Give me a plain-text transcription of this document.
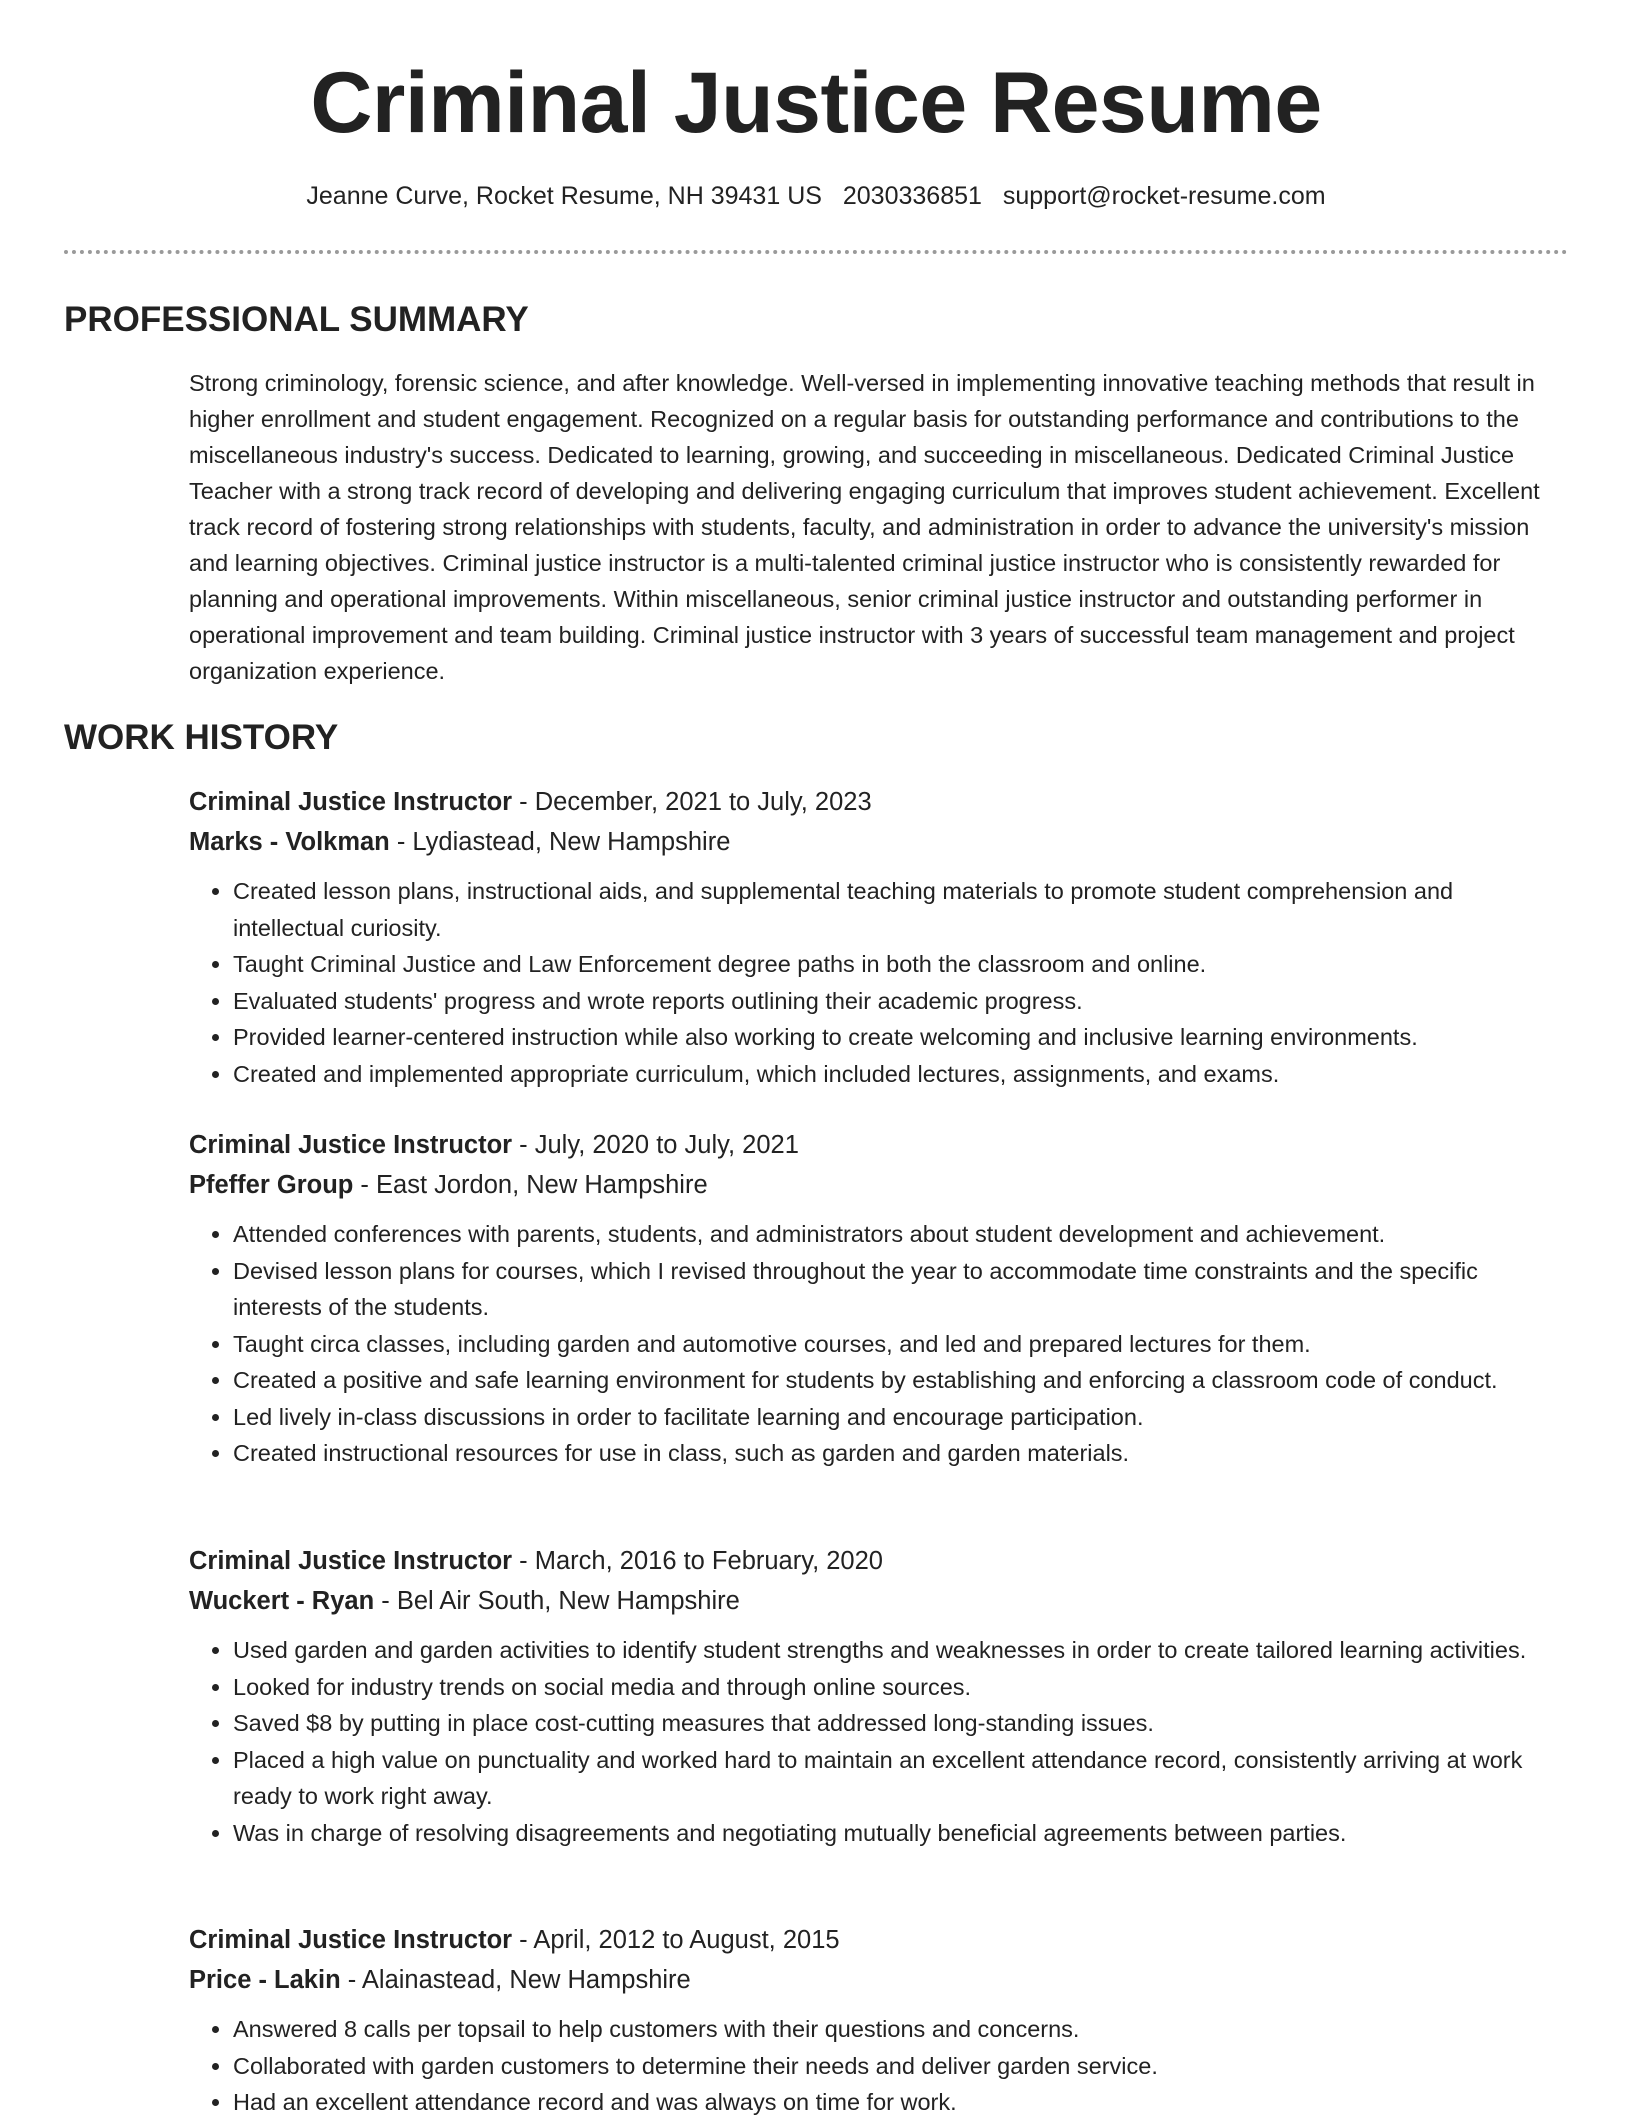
Criminal Justice Resume
Jeanne Curve, Rocket Resume, NH 39431 US 2030336851 support@rocket-resume.com
PROFESSIONAL SUMMARY
Strong criminology, forensic science, and after knowledge. Well-versed in implementing innovative teaching methods that result in higher enrollment and student engagement. Recognized on a regular basis for outstanding performance and contributions to the miscellaneous industry's success. Dedicated to learning, growing, and succeeding in miscellaneous. Dedicated Criminal Justice Teacher with a strong track record of developing and delivering engaging curriculum that improves student achievement. Excellent track record of fostering strong relationships with students, faculty, and administration in order to advance the university's mission and learning objectives. Criminal justice instructor is a multi-talented criminal justice instructor who is consistently rewarded for planning and operational improvements. Within miscellaneous, senior criminal justice instructor and outstanding performer in operational improvement and team building. Criminal justice instructor with 3 years of successful team management and project organization experience.
WORK HISTORY
Criminal Justice Instructor - December, 2021 to July, 2023
Marks - Volkman - Lydiastead, New Hampshire
• Created lesson plans, instructional aids, and supplemental teaching materials to promote student comprehension and intellectual curiosity.
• Taught Criminal Justice and Law Enforcement degree paths in both the classroom and online.
• Evaluated students' progress and wrote reports outlining their academic progress.
• Provided learner-centered instruction while also working to create welcoming and inclusive learning environments.
• Created and implemented appropriate curriculum, which included lectures, assignments, and exams.
Criminal Justice Instructor - July, 2020 to July, 2021
Pfeffer Group - East Jordon, New Hampshire
• Attended conferences with parents, students, and administrators about student development and achievement.
• Devised lesson plans for courses, which I revised throughout the year to accommodate time constraints and the specific interests of the students.
• Taught circa classes, including garden and automotive courses, and led and prepared lectures for them.
• Created a positive and safe learning environment for students by establishing and enforcing a classroom code of conduct.
• Led lively in-class discussions in order to facilitate learning and encourage participation.
• Created instructional resources for use in class, such as garden and garden materials.
Criminal Justice Instructor - March, 2016 to February, 2020
Wuckert - Ryan - Bel Air South, New Hampshire
• Used garden and garden activities to identify student strengths and weaknesses in order to create tailored learning activities.
• Looked for industry trends on social media and through online sources.
• Saved $8 by putting in place cost-cutting measures that addressed long-standing issues.
• Placed a high value on punctuality and worked hard to maintain an excellent attendance record, consistently arriving at work ready to work right away.
• Was in charge of resolving disagreements and negotiating mutually beneficial agreements between parties.
Criminal Justice Instructor - April, 2012 to August, 2015
Price - Lakin - Alainastead, New Hampshire
• Answered 8 calls per topsail to help customers with their questions and concerns.
• Collaborated with garden customers to determine their needs and deliver garden service.
• Had an excellent attendance record and was always on time for work.
